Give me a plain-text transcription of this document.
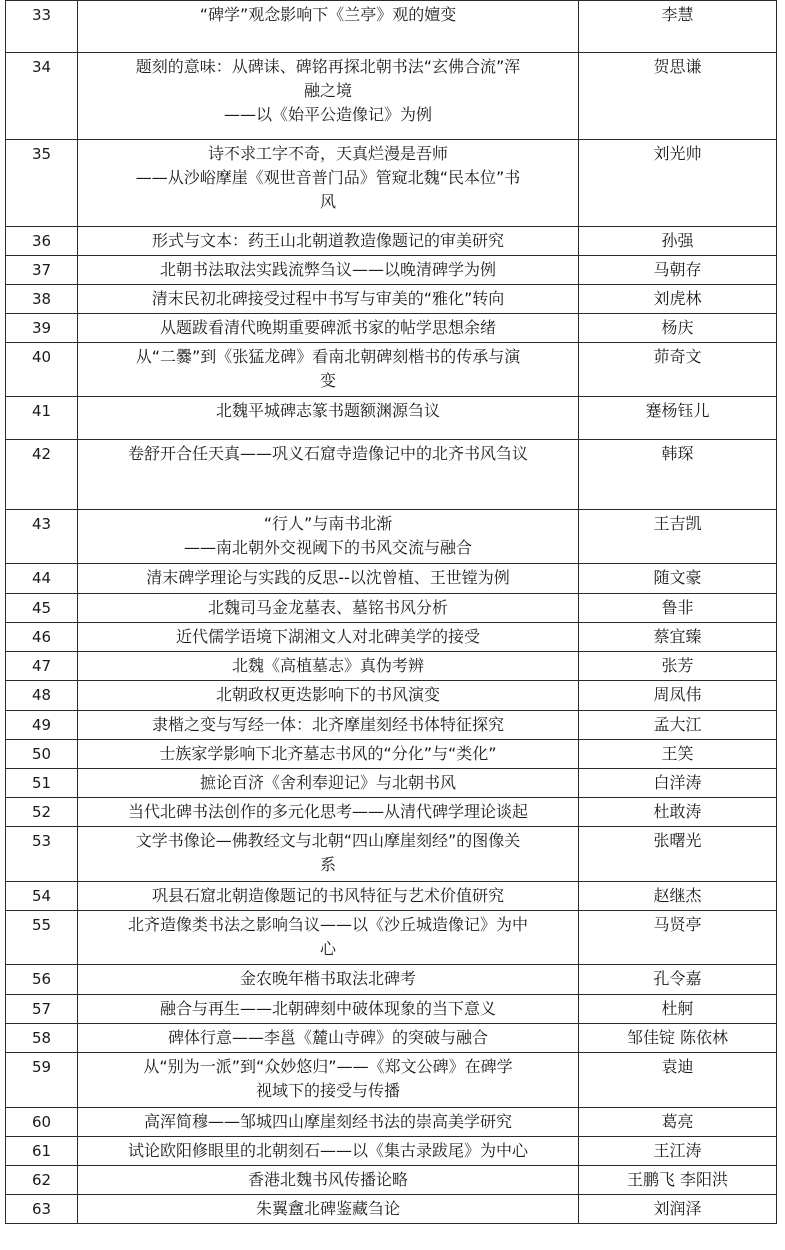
33	“碑学”观念影响下《兰亭》观的嬗变	李慧
34	题刻的意味：从碑诔、碑铭再探北朝书法“玄佛合流”浑
融之境
——以《始平公造像记》为例	贺思谦
35	诗不求工字不奇，天真烂漫是吾师
——从沙峪摩崖《观世音普门品》管窥北魏“民本位”书
风	刘光帅
36	形式与文本：药王山北朝道教造像题记的审美研究	孙强
37	北朝书法取法实践流弊刍议——以晚清碑学为例	马朝存
38	清末民初北碑接受过程中书写与审美的“雅化”转向	刘虎林
39	从题跋看清代晚期重要碑派书家的帖学思想余绪	杨庆
40	从“二爨”到《张猛龙碑》看南北朝碑刻楷书的传承与演
变	茆奇文
41	北魏平城碑志篆书题额渊源刍议	蹇杨钰儿
42	卷舒开合任天真——巩义石窟寺造像记中的北齐书风刍议	韩琛
43	“行人”与南书北渐
——南北朝外交视阈下的书风交流与融合	王吉凯
44	清末碑学理论与实践的反思--以沈曾植、王世镗为例	随文豪
45	北魏司马金龙墓表、墓铭书风分析	鲁非
46	近代儒学语境下湖湘文人对北碑美学的接受	蔡宜臻
47	北魏《高植墓志》真伪考辨	张芳
48	北朝政权更迭影响下的书风演变	周凤伟
49	隶楷之变与写经一体：北齐摩崖刻经书体特征探究	孟大江
50	士族家学影响下北齐墓志书风的“分化”与“类化”	王笑
51	摭论百济《舍利奉迎记》与北朝书风	白洋涛
52	当代北碑书法创作的多元化思考——从清代碑学理论谈起	杜敢涛
53	文学书像论—佛教经文与北朝“四山摩崖刻经”的图像关
系	张曙光
54	巩县石窟北朝造像题记的书风特征与艺术价值研究	赵继杰
55	北齐造像类书法之影响刍议——以《沙丘城造像记》为中
心	马贤亭
56	金农晚年楷书取法北碑考	孔令嘉
57	融合与再生——北朝碑刻中破体现象的当下意义	杜舸
58	碑体行意——李邕《麓山寺碑》的突破与融合	邹佳锭 陈依林
59	从“别为一派”到“众妙悠归”——《郑文公碑》在碑学
视域下的接受与传播	袁迪
60	高浑简穆——邹城四山摩崖刻经书法的崇高美学研究	葛亮
61	试论欧阳修眼里的北朝刻石——以《集古录跋尾》为中心	王江涛
62	香港北魏书风传播论略	王鹏飞 李阳洪
63	朱翼盦北碑鉴藏刍论	刘润泽
